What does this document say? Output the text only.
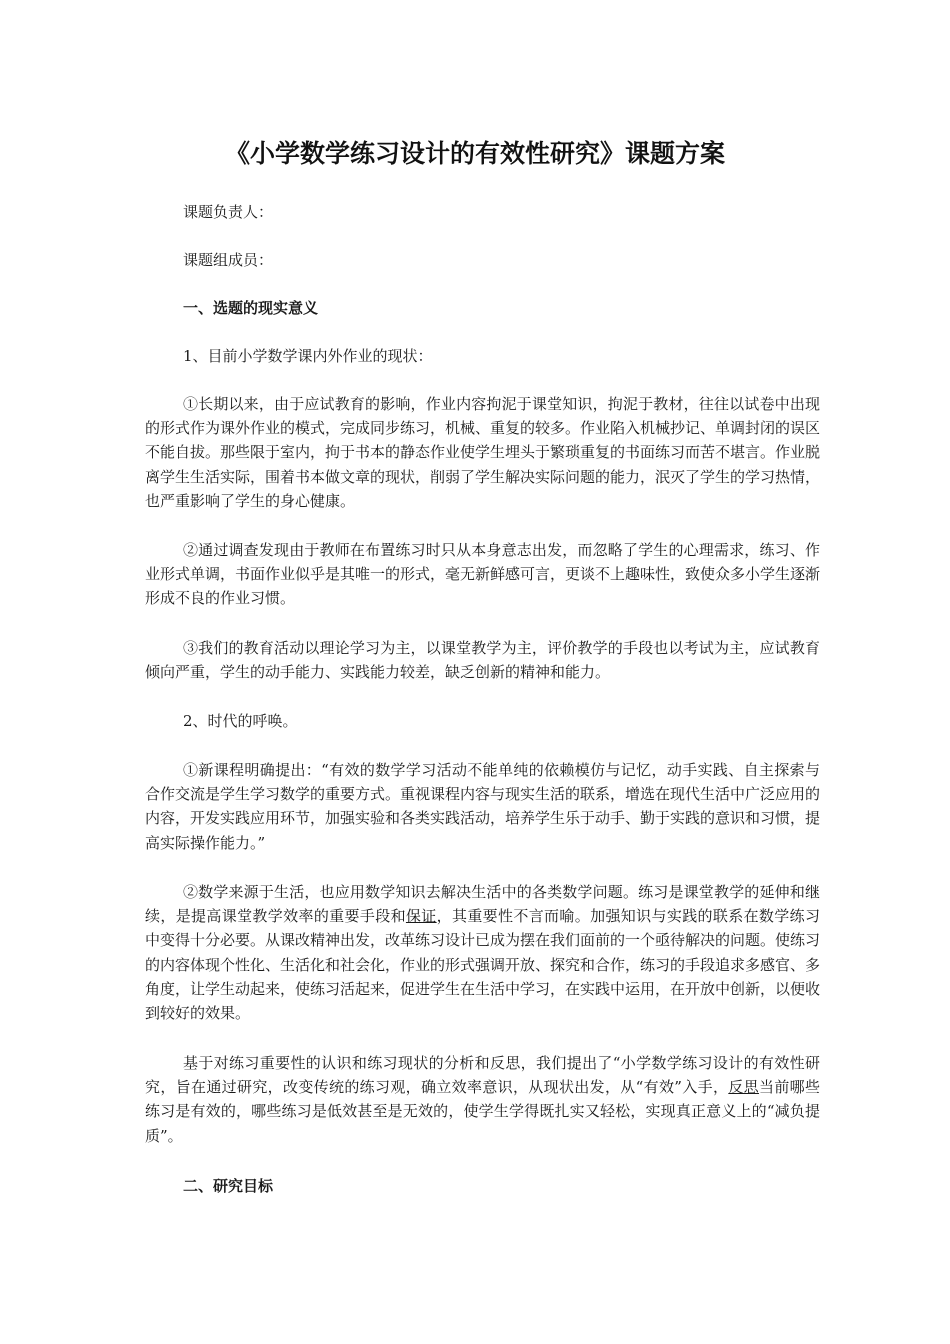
《小学数学练习设计的有效性研究》课题方案

课题负责人：

课题组成员：

一、选题的现实意义

1、目前小学数学课内外作业的现状：

①长期以来，由于应试教育的影响，作业内容拘泥于课堂知识，拘泥于教材，往往以试卷中出现的形式作为课外作业的模式，完成同步练习，机械、重复的较多。作业陷入机械抄记、单调封闭的误区不能自拔。那些限于室内，拘于书本的静态作业使学生埋头于繁琐重复的书面练习而苦不堪言。作业脱离学生生活实际，围着书本做文章的现状，削弱了学生解决实际问题的能力，泯灭了学生的学习热情，也严重影响了学生的身心健康。

②通过调查发现由于教师在布置练习时只从本身意志出发，而忽略了学生的心理需求，练习、作业形式单调，书面作业似乎是其唯一的形式，毫无新鲜感可言，更谈不上趣味性，致使众多小学生逐渐形成不良的作业习惯。

③我们的教育活动以理论学习为主，以课堂教学为主，评价教学的手段也以考试为主，应试教育倾向严重，学生的动手能力、实践能力较差，缺乏创新的精神和能力。

2、时代的呼唤。

①新课程明确提出：“有效的数学学习活动不能单纯的依赖模仿与记忆，动手实践、自主探索与合作交流是学生学习数学的重要方式。重视课程内容与现实生活的联系，增选在现代生活中广泛应用的内容，开发实践应用环节，加强实验和各类实践活动，培养学生乐于动手、勤于实践的意识和习惯，提高实际操作能力。”

②数学来源于生活，也应用数学知识去解决生活中的各类数学问题。练习是课堂教学的延伸和继续，是提高课堂教学效率的重要手段和保证，其重要性不言而喻。加强知识与实践的联系在数学练习中变得十分必要。从课改精神出发，改革练习设计已成为摆在我们面前的一个亟待解决的问题。使练习的内容体现个性化、生活化和社会化，作业的形式强调开放、探究和合作，练习的手段追求多感官、多角度，让学生动起来，使练习活起来，促进学生在生活中学习，在实践中运用，在开放中创新，以便收到较好的效果。

基于对练习重要性的认识和练习现状的分析和反思，我们提出了“小学数学练习设计的有效性研究，旨在通过研究，改变传统的练习观，确立效率意识，从现状出发，从“有效”入手，反思当前哪些练习是有效的，哪些练习是低效甚至是无效的，使学生学得既扎实又轻松，实现真正意义上的“减负提质”。

二、研究目标
